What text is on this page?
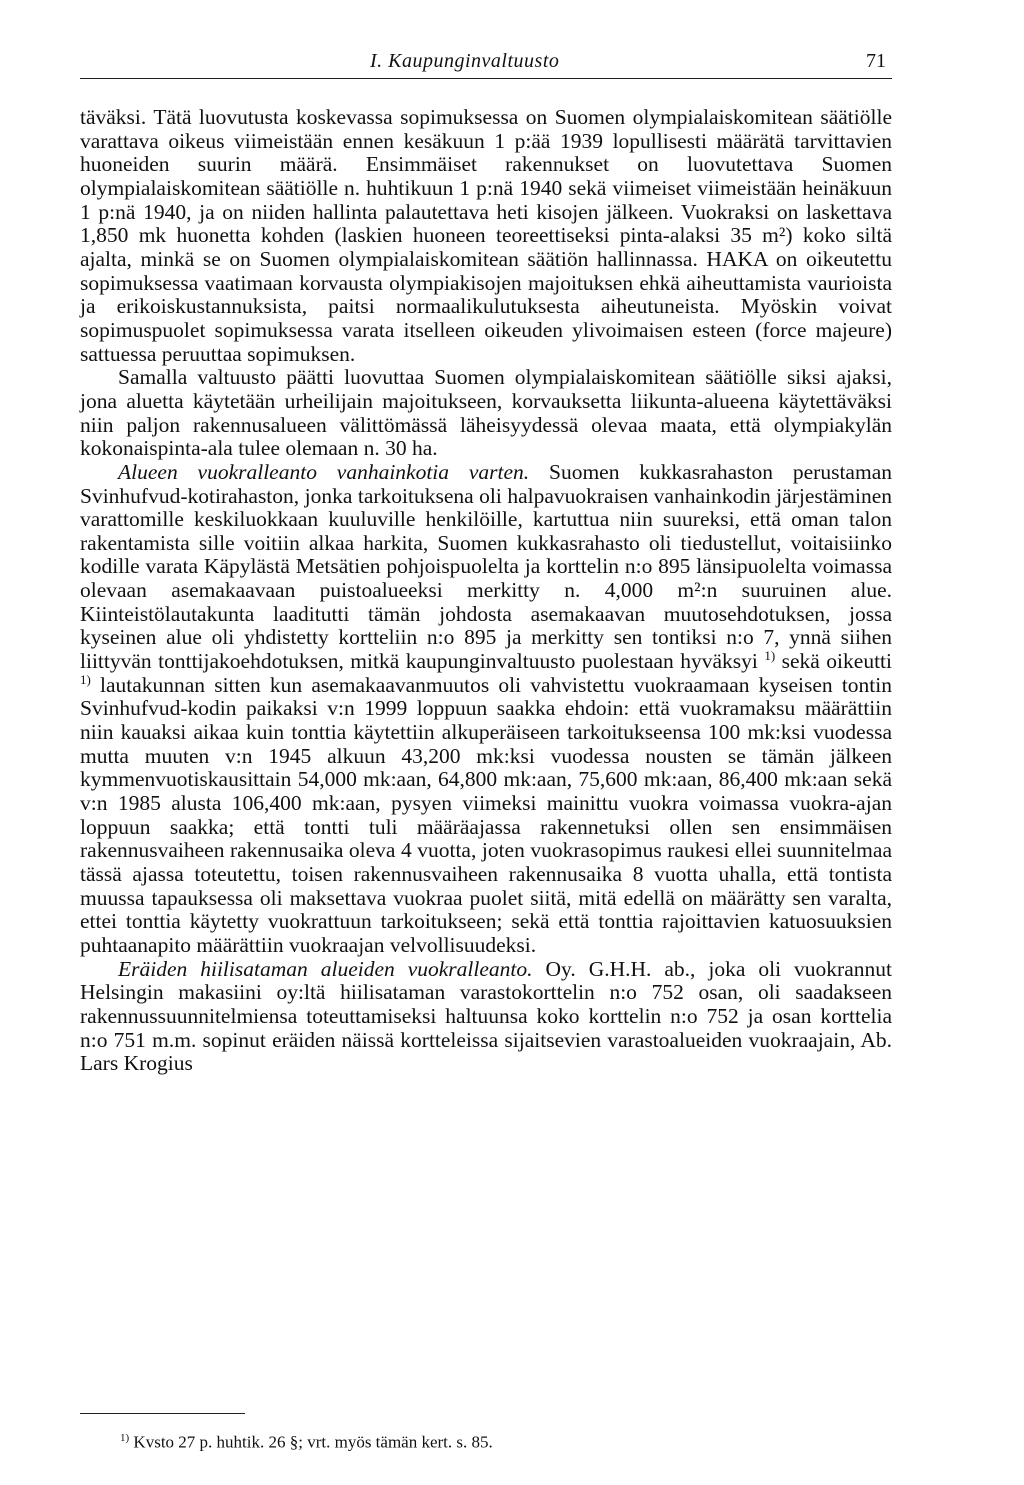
I. Kaupunginvaltuusto	71

täväksi. Tätä luovutusta koskevassa sopimuksessa on Suomen olympialaiskomitean säätiölle varattava oikeus viimeistään ennen kesäkuun 1 p:ää 1939 lopullisesti määrätä tarvittavien huoneiden suurin määrä. Ensimmäiset rakennukset on luovutettava Suomen olympialaiskomitean säätiölle n. huhtikuun 1 p:nä 1940 sekä viimeiset viimeistään heinäkuun 1 p:nä 1940, ja on niiden hallinta palautettava heti kisojen jälkeen. Vuokraksi on laskettava 1,850 mk huonetta kohden (laskien huoneen teoreettiseksi pinta-alaksi 35 m²) koko siltä ajalta, minkä se on Suomen olympialaiskomitean säätiön hallinnassa. HAKA on oikeutettu sopimuksessa vaatimaan korvausta olympiakisojen majoituksen ehkä aiheuttamista vaurioista ja erikoiskustannuksista, paitsi normaalikulutuksesta aiheutuneista. Myöskin voivat sopimuspuolet sopimuksessa varata itselleen oikeuden ylivoimaisen esteen (force majeure) sattuessa peruuttaa sopimuksen.

Samalla valtuusto päätti luovuttaa Suomen olympialaiskomitean säätiölle siksi ajaksi, jona aluetta käytetään urheilijain majoitukseen, korvauksetta liikunta-alueena käytettäväksi niin paljon rakennusalueen välittömässä läheisyydessä olevaa maata, että olympiakylän kokonaispinta-ala tulee olemaan n. 30 ha.

Alueen vuokralleanto vanhainkotia varten. Suomen kukkasrahaston perustaman Svinhufvud-kotirahaston, jonka tarkoituksena oli halpavuokraisen vanhainkodin järjestäminen varattomille keskiluokkaan kuuluville henkilöille, kartuttua niin suureksi, että oman talon rakentamista sille voitiin alkaa harkita, Suomen kukkasrahasto oli tiedustellut, voitaisiinko kodille varata Käpylästä Metsätien pohjoispuolelta ja korttelin n:o 895 länsipuolelta voimassa olevaan asemakaavaan puistoalueeksi merkitty n. 4,000 m²:n suuruinen alue. Kiinteistölautakunta laaditutti tämän johdosta asemakaavan muutosehdotuksen, jossa kyseinen alue oli yhdistetty kortteliin n:o 895 ja merkitty sen tontiksi n:o 7, ynnä siihen liittyvän tonttijakoehdotuksen, mitkä kaupunginvaltuusto puolestaan hyväksyi $^{1)}$ sekä oikeutti $^{1)}$ lautakunnan sitten kun asemakaavanmuutos oli vahvistettu vuokraamaan kyseisen tontin Svinhufvud-kodin paikaksi v:n 1999 loppuun saakka ehdoin: että vuokramaksu määrättiin niin kauaksi aikaa kuin tonttia käytettiin alkuperäiseen tarkoitukseensa 100 mk:ksi vuodessa mutta muuten v:n 1945 alkuun 43,200 mk:ksi vuodessa nousten se tämän jälkeen kymmenvuotiskausittain 54,000 mk:aan, 64,800 mk:aan, 75,600 mk:aan, 86,400 mk:aan sekä v:n 1985 alusta 106,400 mk:aan, pysyen viimeksi mainittu vuokra voimassa vuokra-ajan loppuun saakka; että tontti tuli määräajassa rakennetuksi ollen sen ensimmäisen rakennusvaiheen rakennusaika oleva 4 vuotta, joten vuokrasopimus raukesi ellei suunnitelmaa tässä ajassa toteutettu, toisen rakennusvaiheen rakennusaika 8 vuotta uhalla, että tontista muussa tapauksessa oli maksettava vuokraa puolet siitä, mitä edellä on määrätty sen varalta, ettei tonttia käytetty vuokrattuun tarkoitukseen; sekä että tonttia rajoittavien katuosuuksien puhtaanapito määrättiin vuokraajan velvollisuudeksi.

Eräiden hiilisataman alueiden vuokralleanto. Oy. G.H.H. ab., joka oli vuokrannut Helsingin makasiini oy:ltä hiilisataman varastokorttelin n:o 752 osan, oli saadakseen rakennussuunnitelmiensa toteuttamiseksi haltuunsa koko korttelin n:o 752 ja osan korttelia n:o 751 m.m. sopinut eräiden näissä kortteleissa sijaitsevien varastoalueiden vuokraajain, Ab. Lars Krogius

$^{1)}$ Kvsto 27 p. huhtik. 26 §; vrt. myös tämän kert. s. 85.
